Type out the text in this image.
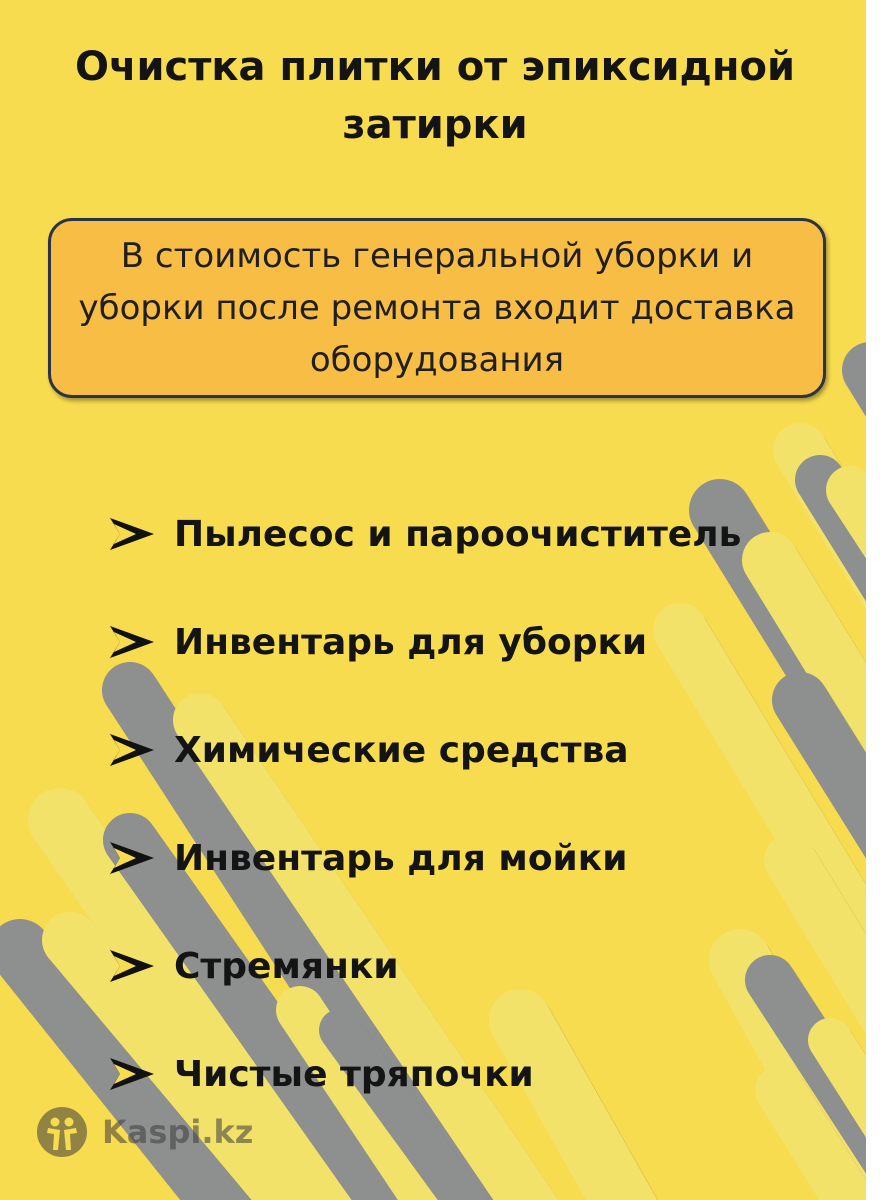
Очистка плитки от эпиксидной затирки
В стоимость генеральной уборки и уборки после ремонта входит доставка оборудования
Пылесос и пароочиститель
Инвентарь для уборки
Химические средства
Инвентарь для мойки
Стремянки
Чистые тряпочки
Kaspi.kz
